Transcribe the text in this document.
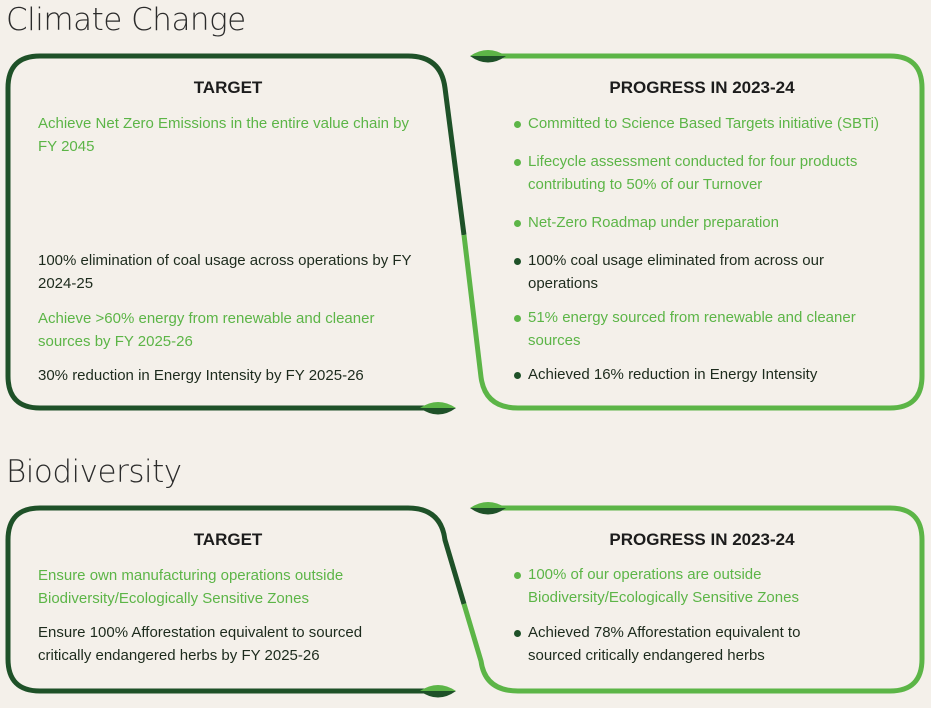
Climate Change
TARGET	PROGRESS IN 2023-24

Achieve Net Zero Emissions in the entire value chain by FY 2045

100% elimination of coal usage across operations by FY 2024-25

Achieve >60% energy from renewable and cleaner sources by FY 2025-26

30% reduction in Energy Intensity by FY 2025-26

Committed to Science Based Targets initiative (SBTi)
Lifecycle assessment conducted for four products contributing to 50% of our Turnover
Net-Zero Roadmap under preparation
100% coal usage eliminated from across our operations
51% energy sourced from renewable and cleaner sources
Achieved 16% reduction in Energy Intensity
Biodiversity
TARGET	PROGRESS IN 2023-24

Ensure own manufacturing operations outside Biodiversity/Ecologically Sensitive Zones

Ensure 100% Afforestation equivalent to sourced critically endangered herbs by FY 2025-26

100% of our operations are outside Biodiversity/Ecologically Sensitive Zones
Achieved 78% Afforestation equivalent to sourced critically endangered herbs
